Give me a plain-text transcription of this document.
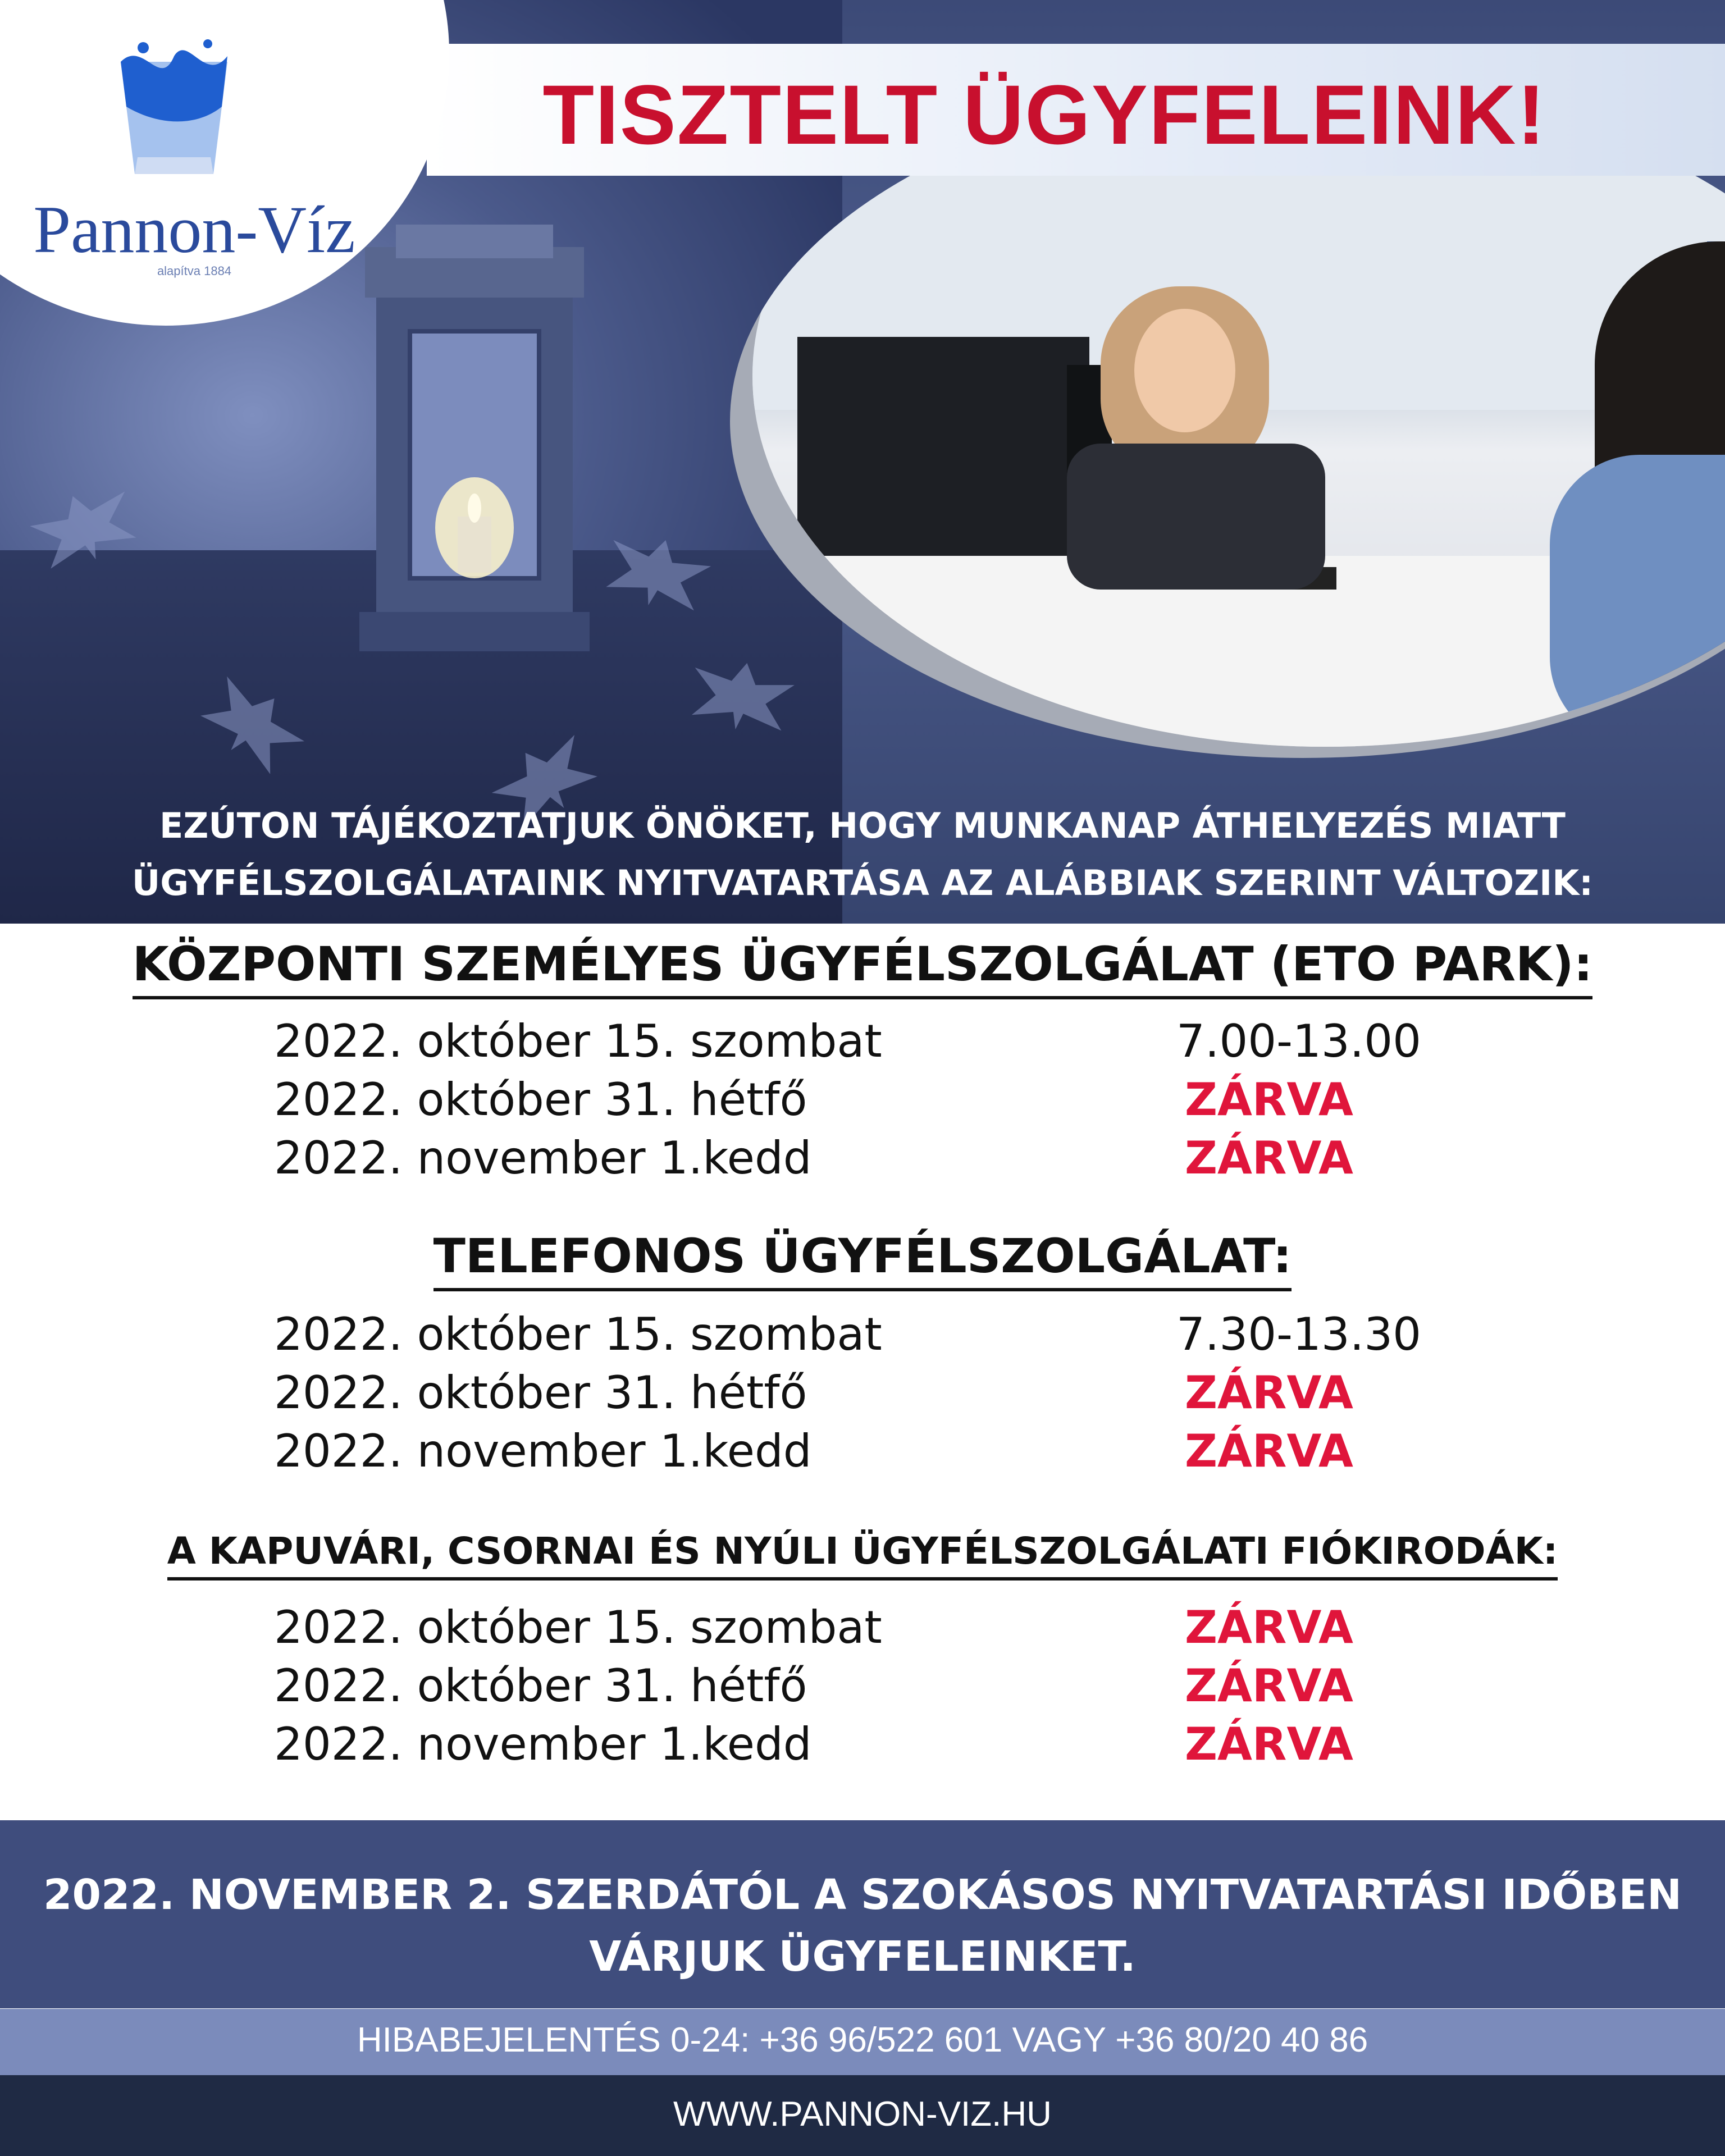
TISZTELT ÜGYFELEINK!
Pannon-Víz
alapítva 1884
EZÚTON TÁJÉKOZTATJUK ÖNÖKET, HOGY MUNKANAP ÁTHELYEZÉS MIATT
ÜGYFÉLSZOLGÁLATAINK NYITVATARTÁSA AZ ALÁBBIAK SZERINT VÁLTOZIK:
KÖZPONTI SZEMÉLYES ÜGYFÉLSZOLGÁLAT (ETO PARK):
2022. október 15. szombat	7.00-13.00
2022. október 31. hétfő	ZÁRVA
2022. november 1.kedd	ZÁRVA
TELEFONOS ÜGYFÉLSZOLGÁLAT:
2022. október 15. szombat	7.30-13.30
2022. október 31. hétfő	ZÁRVA
2022. november 1.kedd	ZÁRVA
A KAPUVÁRI, CSORNAI ÉS NYÚLI ÜGYFÉLSZOLGÁLATI FIÓKIRODÁK:
2022. október 15. szombat	ZÁRVA
2022. október 31. hétfő	ZÁRVA
2022. november 1.kedd	ZÁRVA
2022. NOVEMBER 2. SZERDÁTÓL A SZOKÁSOS NYITVATARTÁSI IDŐBEN
VÁRJUK ÜGYFELEINKET.
HIBABEJELENTÉS 0-24: +36 96/522 601 VAGY +36 80/20 40 86
WWW.PANNON-VIZ.HU
